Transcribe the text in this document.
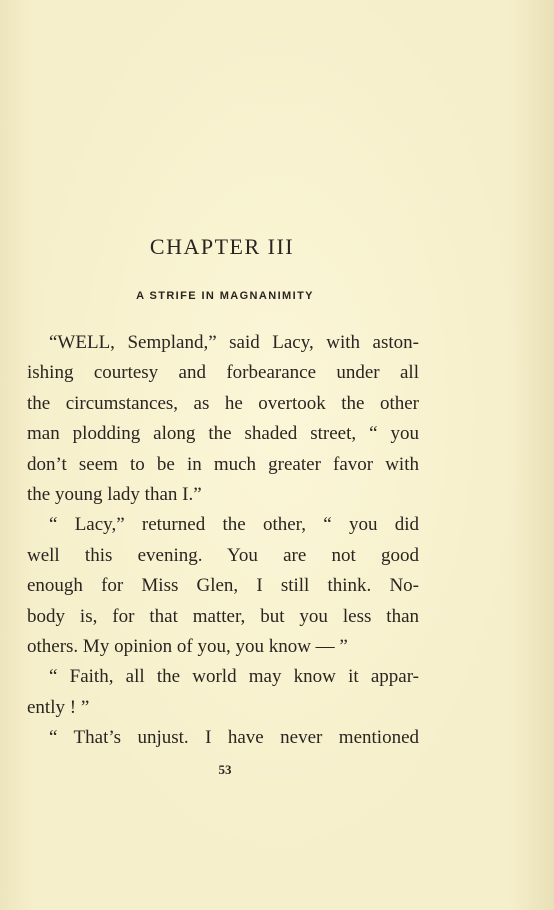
CHAPTER III
A STRIFE IN MAGNANIMITY

“WELL, Sempland,” said Lacy, with aston-

ishing courtesy and forbearance under all

the circumstances, as he overtook the other

man plodding along the shaded street, “ you

don’t seem to be in much greater favor with

the young lady than I.”

“ Lacy,” returned the other, “ you did

well this evening. You are not good

enough for Miss Glen, I still think. No-

body is, for that matter, but you less than

others. My opinion of you, you know — ”

“ Faith, all the world may know it appar-

ently ! ”

“ That’s unjust. I have never mentioned

53
